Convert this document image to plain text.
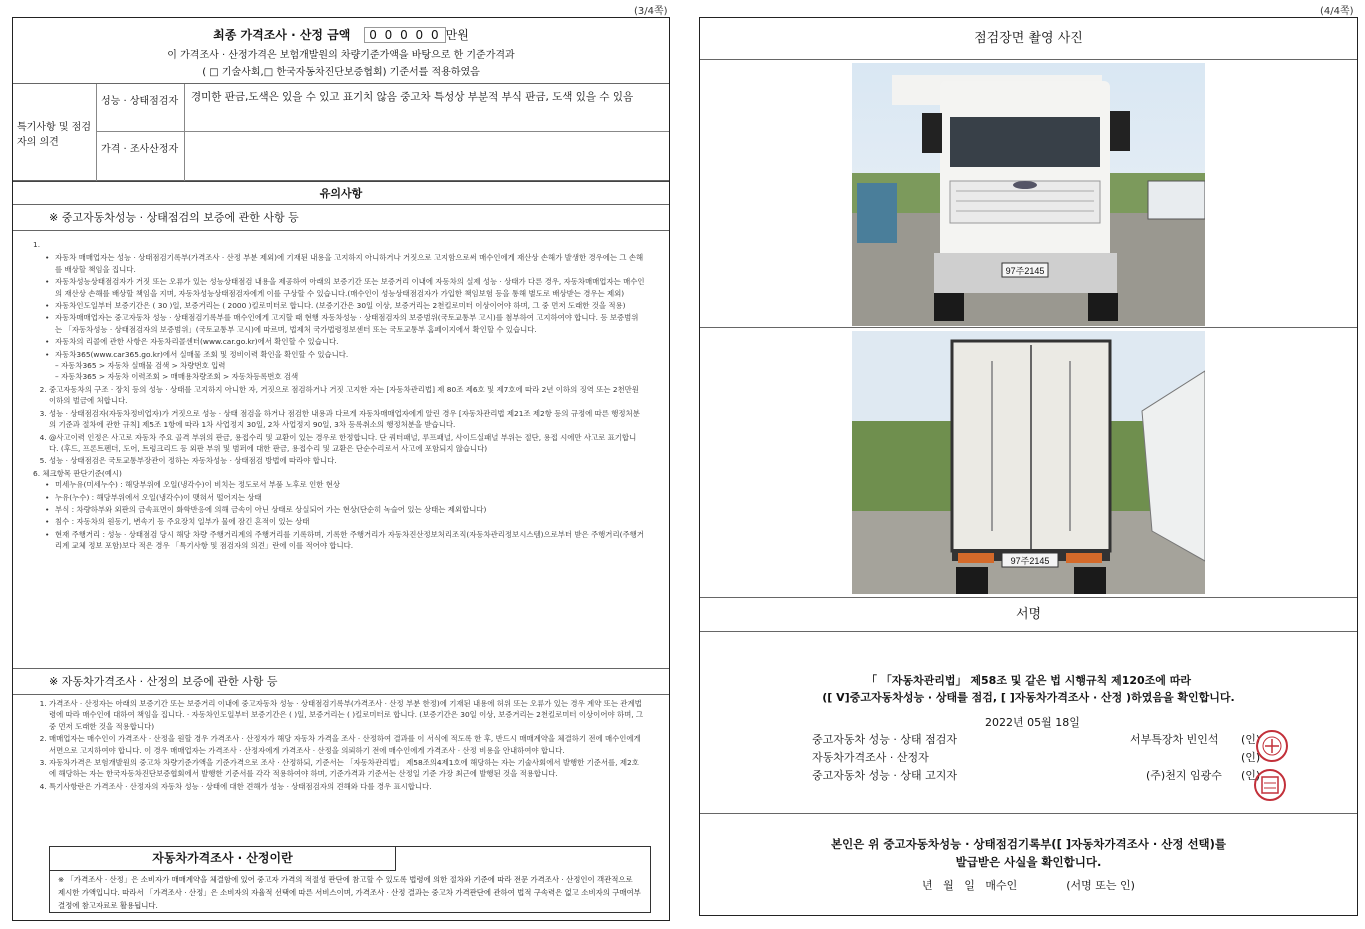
(3/4쪽)	(4/4쪽)
최종 가격조사 · 산정 금액 0 0 0 0 0 만원
이 가격조사 · 산정가격은 보험개발원의 차량기준가액을 바탕으로 한 기준가격과
( □ 기술사회,□ 한국자동차진단보증협회) 기준서를 적용하였음
특기사항 및 점검자의 의견
성능 · 상태점검자	경미한 판금,도색은 있을 수 있고 표기치 않음 중고차 특성상 부분적 부식 판금, 도색 있을 수 있음
가격 · 조사산정자
유의사항
※ 중고자동차성능 · 상태점검의 보증에 관한 사항 등
1.
• 자동차 매매업자는 성능 · 상태점검기록부(가격조사 · 산정 부분 제외)에 기재된 내용을 고지하지 아니하거나 거짓으로 고지함으로써 매수인에게 재산상 손해가 발생한 경우에는 그 손해를 배상할 책임을 집니다.
• 자동차성능상태점검자가 거짓 또는 오류가 있는 성능상태점검 내용을 제공하여 아래의 보증기간 또는 보증거리 이내에 자동차의 실제 성능 · 상태가 다른 경우, 자동차매매업자는 매수인의 재산상 손해를 배상할 책임을 지며, 자동차성능상태점검자에게 이를 구상할 수 있습니다.(매수인이 성능상태점검자가 가입한 책임보험 등을 통해 별도로 배상받는 경우는 제외)
• 자동차인도일부터 보증기간은 ( 30 )일, 보증거리는 ( 2000 )킬로미터로 합니다. (보증기간은 30일 이상, 보증거리는 2천킬로미터 이상이어야 하며, 그 중 먼저 도래한 것을 적용)
• 자동차매매업자는 중고자동차 성능 · 상태점검기록부를 매수인에게 고지할 때 현행 자동차성능 · 상태점검자의 보증범위(국토교통부 고시)를 첨부하여 고지하여야 합니다. 등 보증범위는 「자동차성능 · 상태점검자의 보증범위」(국토교통부 고시)에 따르며, 법제처 국가법령정보센터 또는 국토교통부 홈페이지에서 확인할 수 있습니다.
• 자동차의 리콜에 관한 사항은 자동차리콜센터(www.car.go.kr)에서 확인할 수 있습니다.
• 자동차365(www.car365.go.kr)에서 실매물 조회 및 정비이력 확인을 확인할 수 있습니다.
– 자동차365 > 자동차 실매물 검색 > 차량번호 입력
– 자동차365 > 자동차 이력조회 > 매매용차량조회 > 자동차등록번호 검색
2. 중고자동차의 구조 · 장치 등의 성능 · 상태를 고지하지 아니한 자, 거짓으로 점검하거나 거짓 고지한 자는 [자동차관리법] 제 80조 제6호 및 제7호에 따라 2년 이하의 징역 또는 2천만원 이하의 벌금에 처합니다.
3. 성능 · 상태점검자(자동차정비업자)가 거짓으로 성능 · 상태 점검을 하거나 점검한 내용과 다르게 자동차매매업자에게 알린 경우 [자동차관리법 제21조 제2항 등의 규정에 따른 행정처분의 기준과 절차에 관한 규칙] 제5조 1항에 따라 1차 사업정지 30일, 2차 사업정지 90일, 3차 등록취소의 행정처분을 받습니다.
4. @사고이력 인정은 사고로 자동차 주요 골격 부위의 판금, 용접수리 및 교환이 있는 경우로 한정합니다. 단 쿼터패널, 루프패널, 사이드실패널 부위는 절단, 용접 시에만 사고로 표기합니다. (후드, 프론트펜더, 도어, 트렁크리드 등 외판 부위 및 범퍼에 대한 판금, 용접수리 및 교환은 단순수리로서 사고에 포함되지 않습니다)
5. 성능 · 상태점검은 국토교통부장관이 정하는 자동차성능 · 상태점검 방법에 따라야 합니다.
6. 체크항목 판단기준(예시)
• 미세누유(미세누수) : 해당부위에 오일(냉각수)이 비치는 정도로서 부품 노후로 인한 현상
• 누유(누수) : 해당부위에서 오일(냉각수)이 맺혀서 떨어지는 상태
• 부식 : 차량하부와 외판의 금속표면이 화학반응에 의해 금속이 아닌 상태로 상실되어 가는 현상(단순히 녹슬어 있는 상태는 제외합니다)
• 침수 : 자동차의 원동기, 변속기 등 주요장치 일부가 물에 잠긴 흔적이 있는 상태
• 현재 주행거리 : 성능 · 상태점검 당시 해당 차량 주행거리계의 주행거리를 기록하며, 기록한 주행거리가 자동차진산정보처리조직(자동차관리정보시스템)으로부터 받은 주행거리(주행거리계 교체 정보 포함)보다 적은 경우 「특기사항 및 점검자의 의견」란에 이를 적어야 합니다.
※ 자동차가격조사 · 산정의 보증에 관한 사항 등
1. 가격조사 · 산정자는 아래의 보증기간 또는 보증거리 이내에 중고자동차 성능 · 상태점검기록부(가격조사 · 산정 부분 한정)에 기재된 내용에 허위 또는 오류가 있는 경우 계약 또는 관계법령에 따라 매수인에 대하여 책임을 집니다. · 자동차인도일부터 보증기간은 ( )일, 보증거리는 ( )킬로미터로 합니다. (보증기간은 30일 이상, 보증거리는 2천킬로미터 이상이어야 하며, 그 중 먼저 도래한 것을 적용합니다)
2. 매매업자는 매수인이 가격조사 · 산정을 원할 경우 가격조사 · 산정자가 해당 자동차 가격을 조사 · 산정하여 결과를 이 서식에 적도록 한 후, 반드시 매매계약을 체결하기 전에 매수인에게 서면으로 고지하여야 합니다. 이 경우 매매업자는 가격조사 · 산정자에게 가격조사 · 산정을 의뢰하기 전에 매수인에게 가격조사 · 산정 비용을 안내하여야 합니다.
3. 자동차가격은 보험개발원의 중고차 차량기준가액을 기준가격으로 조사 · 산정하되, 기준서는 「자동차관리법」 제58조의4제1호에 해당하는 자는 기술사회에서 발행한 기준서를, 제2호에 해당하는 자는 한국자동차진단보증협회에서 발행한 기준서를 각각 적용하여야 하며, 기준가격과 기준서는 산정일 기준 가장 최근에 발행된 것을 적용합니다.
4. 특기사항란은 가격조사 · 산정자의 자동차 성능 · 상태에 대한 견해가 성능 · 상태점검자의 견해와 다를 경우 표시합니다.
자동차가격조사 · 산정이란
※ 「가격조사 · 산정」은 소비자가 매매계약을 체결함에 있어 중고자 가격의 적절성 판단에 참고할 수 있도록 법령에 의한 절차와 기준에 따라 전문 가격조사 · 산정인이 객관적으로 제시한 가액입니다. 따라서 「가격조사 · 산정」은 소비자의 자율적 선택에 따른 서비스이며, 가격조사 · 산정 결과는 중고차 가격판단에 관하여 법적 구속력은 없고 소비자의 구매여부 결정에 참고자료로 활용됩니다.
점검장면 촬영 사진
97주2145
97주2145
서명
「 「자동차관리법」 제58조 및 같은 법 시행규칙 제120조에 따라
([ V]중고자동차성능 · 상태를 점검, [ ]자동차가격조사 · 산정 )하였음을 확인합니다.
2022년 05월 18일
중고자동차 성능 · 상태 점검자	서부특장차 빈인석 (인)
자동차가격조사 · 산정자	(인)
중고자동차 성능 · 상태 고지자	(주)천지 임광수 (인)
본인은 위 중고자동차성능 · 상태점검기록부([ ]자동차가격조사 · 산정 선택)를
발급받은 사실을 확인합니다.
년   월   일   매수인              (서명 또는 인)
